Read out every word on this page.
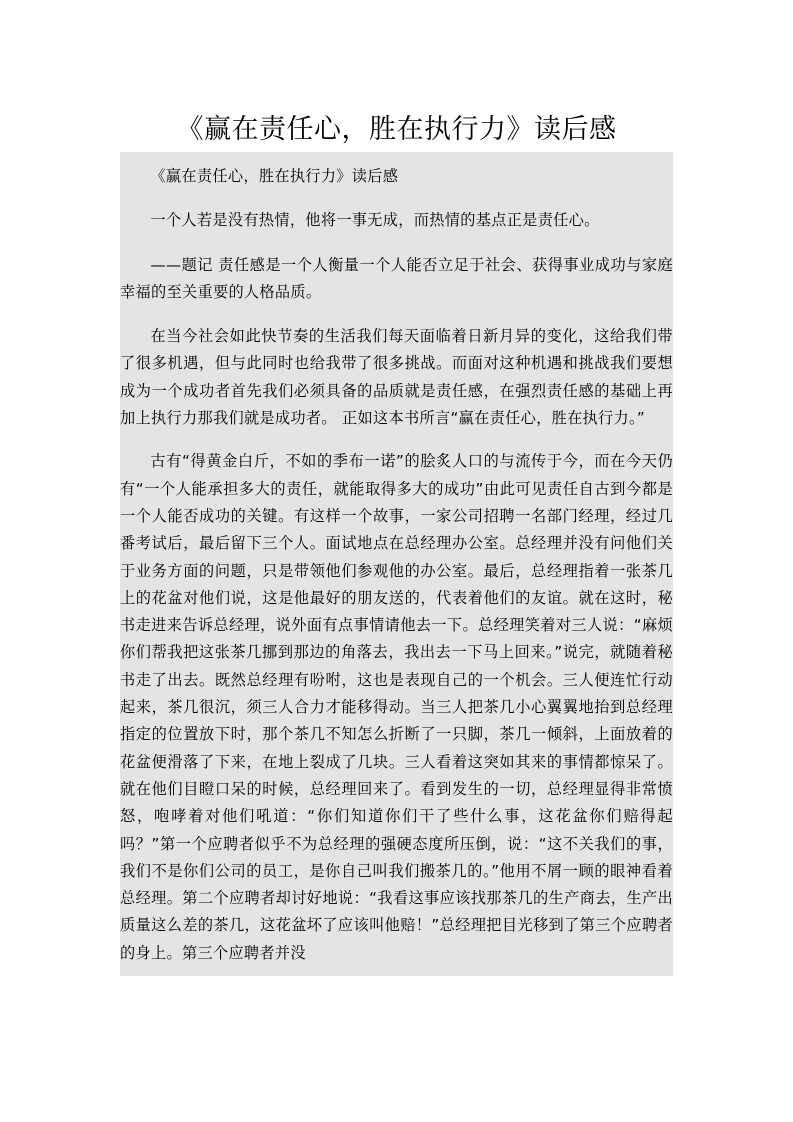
《赢在责任心，胜在执行力》读后感

《赢在责任心，胜在执行力》读后感

一个人若是没有热情，他将一事无成，而热情的基点正是责任心。

——题记 责任感是一个人衡量一个人能否立足于社会、获得事业成功与家庭幸福的至关重要的人格品质。

在当今社会如此快节奏的生活我们每天面临着日新月异的变化，这给我们带了很多机遇，但与此同时也给我带了很多挑战。而面对这种机遇和挑战我们要想成为一个成功者首先我们必须具备的品质就是责任感，在强烈责任感的基础上再加上执行力那我们就是成功者。 正如这本书所言“赢在责任心，胜在执行力。”

古有“得黄金白斤，不如的季布一诺”的脍炙人口的与流传于今，而在今天仍有“一个人能承担多大的责任，就能取得多大的成功”由此可见责任自古到今都是一个人能否成功的关键。有这样一个故事，一家公司招聘一名部门经理，经过几番考试后，最后留下三个人。面试地点在总经理办公室。总经理并没有问他们关于业务方面的问题，只是带领他们参观他的办公室。最后，总经理指着一张茶几上的花盆对他们说，这是他最好的朋友送的，代表着他们的友谊。就在这时，秘书走进来告诉总经理，说外面有点事情请他去一下。总经理笑着对三人说：“麻烦你们帮我把这张茶几挪到那边的角落去，我出去一下马上回来。”说完，就随着秘书走了出去。既然总经理有吩咐，这也是表现自己的一个机会。三人便连忙行动起来，茶几很沉，须三人合力才能移得动。当三人把茶几小心翼翼地抬到总经理指定的位置放下时，那个茶几不知怎么折断了一只脚，茶几一倾斜，上面放着的花盆便滑落了下来，在地上裂成了几块。三人看着这突如其来的事情都惊呆了。就在他们目瞪口呆的时候，总经理回来了。看到发生的一切，总经理显得非常愤怒，咆哮着对他们吼道：“你们知道你们干了些什么事，这花盆你们赔得起吗？”第一个应聘者似乎不为总经理的强硬态度所压倒，说：“这不关我们的事，我们不是你们公司的员工，是你自己叫我们搬茶几的。”他用不屑一顾的眼神看着总经理。第二个应聘者却讨好地说：“我看这事应该找那茶几的生产商去，生产出质量这么差的茶几，这花盆坏了应该叫他赔！”总经理把目光移到了第三个应聘者的身上。第三个应聘者并没
